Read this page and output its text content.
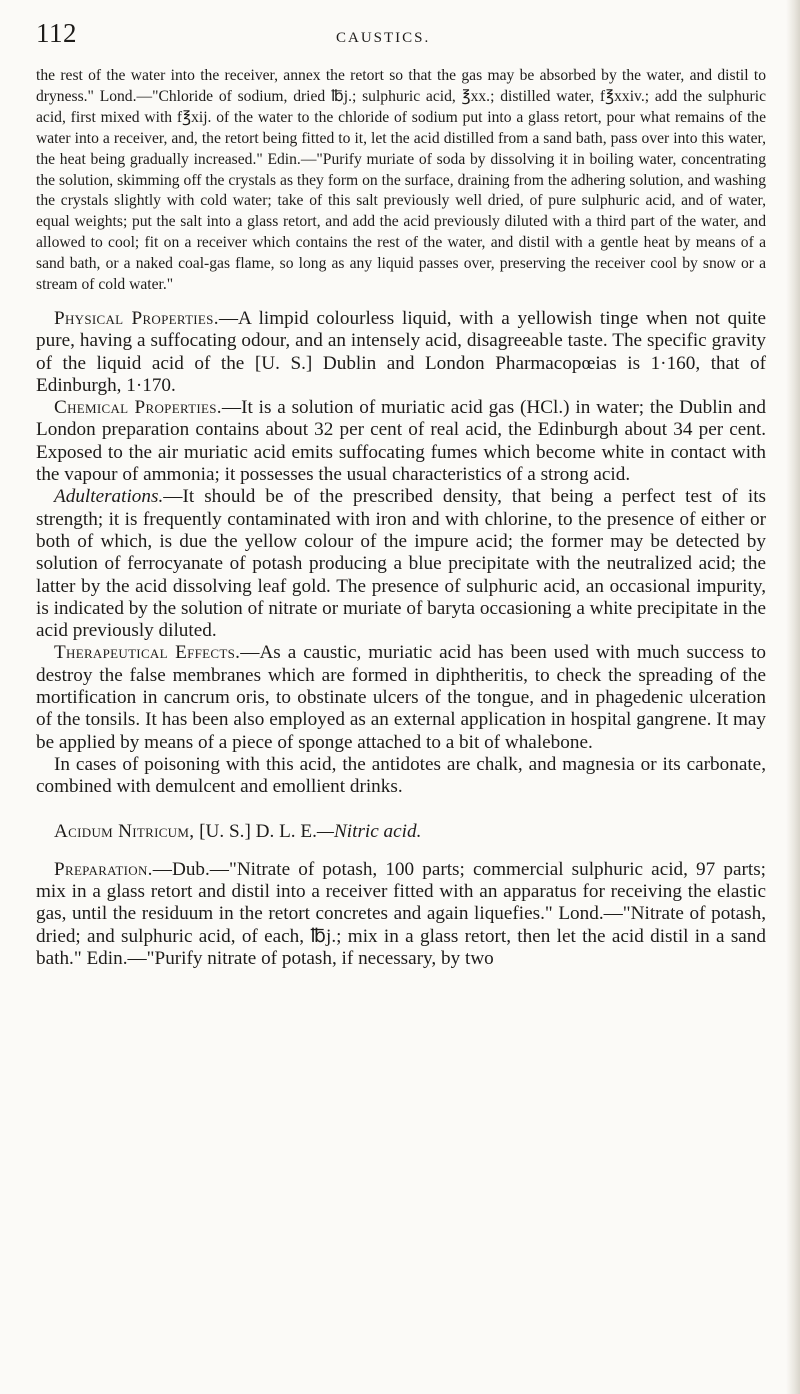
112	CAUSTICS.

the rest of the water into the receiver, annex the retort so that the gas may be absorbed by the water, and distil to dryness." Lond.—"Chloride of sodium, dried ℔j.; sulphuric acid, ℥xx.; distilled water, f℥xxiv.; add the sulphuric acid, first mixed with f℥xij. of the water to the chloride of sodium put into a glass retort, pour what remains of the water into a receiver, and, the retort being fitted to it, let the acid distilled from a sand bath, pass over into this water, the heat being gradually increased." Edin.—"Purify muriate of soda by dissolving it in boiling water, concentrating the solution, skimming off the crystals as they form on the surface, draining from the adhering solution, and washing the crystals slightly with cold water; take of this salt previously well dried, of pure sulphuric acid, and of water, equal weights; put the salt into a glass retort, and add the acid previously diluted with a third part of the water, and allowed to cool; fit on a receiver which contains the rest of the water, and distil with a gentle heat by means of a sand bath, or a naked coal-gas flame, so long as any liquid passes over, preserving the receiver cool by snow or a stream of cold water."

Physical Properties.—A limpid colourless liquid, with a yellowish tinge when not quite pure, having a suffocating odour, and an intensely acid, disagreeable taste. The specific gravity of the liquid acid of the [U. S.] Dublin and London Pharmacopœias is 1·160, that of Edinburgh, 1·170.

Chemical Properties.—It is a solution of muriatic acid gas (HCl.) in water; the Dublin and London preparation contains about 32 per cent of real acid, the Edinburgh about 34 per cent. Exposed to the air muriatic acid emits suffocating fumes which become white in contact with the vapour of ammonia; it possesses the usual characteristics of a strong acid.

Adulterations.—It should be of the prescribed density, that being a perfect test of its strength; it is frequently contaminated with iron and with chlorine, to the presence of either or both of which, is due the yellow colour of the impure acid; the former may be detected by solution of ferrocyanate of potash producing a blue precipitate with the neutralized acid; the latter by the acid dissolving leaf gold. The presence of sulphuric acid, an occasional impurity, is indicated by the solution of nitrate or muriate of baryta occasioning a white precipitate in the acid previously diluted.

Therapeutical Effects.—As a caustic, muriatic acid has been used with much success to destroy the false membranes which are formed in diphtheritis, to check the spreading of the mortification in cancrum oris, to obstinate ulcers of the tongue, and in phagedenic ulceration of the tonsils. It has been also employed as an external application in hospital gangrene. It may be applied by means of a piece of sponge attached to a bit of whalebone.

In cases of poisoning with this acid, the antidotes are chalk, and magnesia or its carbonate, combined with demulcent and emollient drinks.

Acidum Nitricum, [U. S.] D. L. E.—Nitric acid.

Preparation.—Dub.—"Nitrate of potash, 100 parts; commercial sulphuric acid, 97 parts; mix in a glass retort and distil into a receiver fitted with an apparatus for receiving the elastic gas, until the residuum in the retort concretes and again liquefies." Lond.—"Nitrate of potash, dried; and sulphuric acid, of each, ℔j.; mix in a glass retort, then let the acid distil in a sand bath." Edin.—"Purify nitrate of potash, if necessary, by two
